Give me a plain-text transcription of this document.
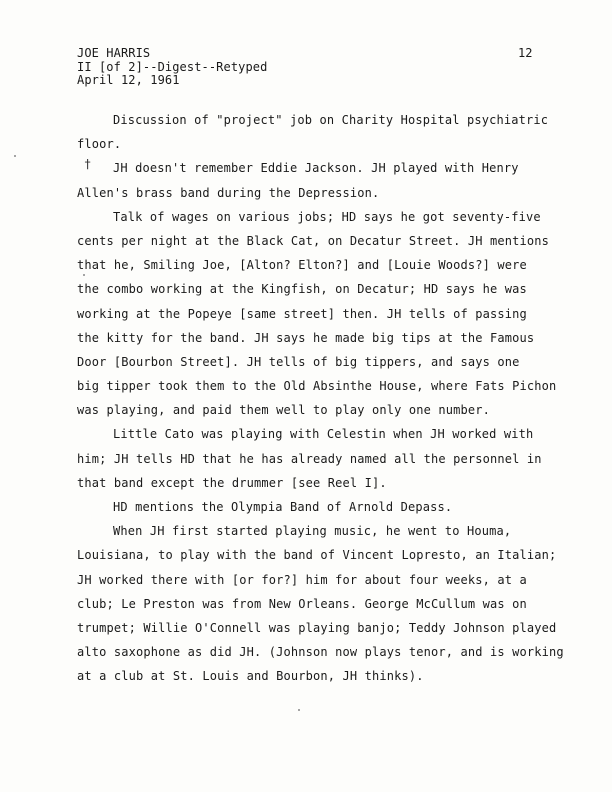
JOE HARRIS
II [of 2]--Digest--Retyped
April 12, 1961
12
†
Discussion of "project" job on Charity Hospital psychiatric
floor.
JH doesn't remember Eddie Jackson. JH played with Henry
Allen's brass band during the Depression.
Talk of wages on various jobs; HD says he got seventy-five
cents per night at the Black Cat, on Decatur Street. JH mentions
that he, Smiling Joe, [Alton? Elton?] and [Louie Woods?] were
the combo working at the Kingfish, on Decatur; HD says he was
working at the Popeye [same street] then. JH tells of passing
the kitty for the band. JH says he made big tips at the Famous
Door [Bourbon Street]. JH tells of big tippers, and says one
big tipper took them to the Old Absinthe House, where Fats Pichon
was playing, and paid them well to play only one number.
Little Cato was playing with Celestin when JH worked with
him; JH tells HD that he has already named all the personnel in
that band except the drummer [see Reel I].
HD mentions the Olympia Band of Arnold Depass.
When JH first started playing music, he went to Houma,
Louisiana, to play with the band of Vincent Lopresto, an Italian;
JH worked there with [or for?] him for about four weeks, at a
club; Le Preston was from New Orleans. George McCullum was on
trumpet; Willie O'Connell was playing banjo; Teddy Johnson played
alto saxophone as did JH. (Johnson now plays tenor, and is working
at a club at St. Louis and Bourbon, JH thinks).
